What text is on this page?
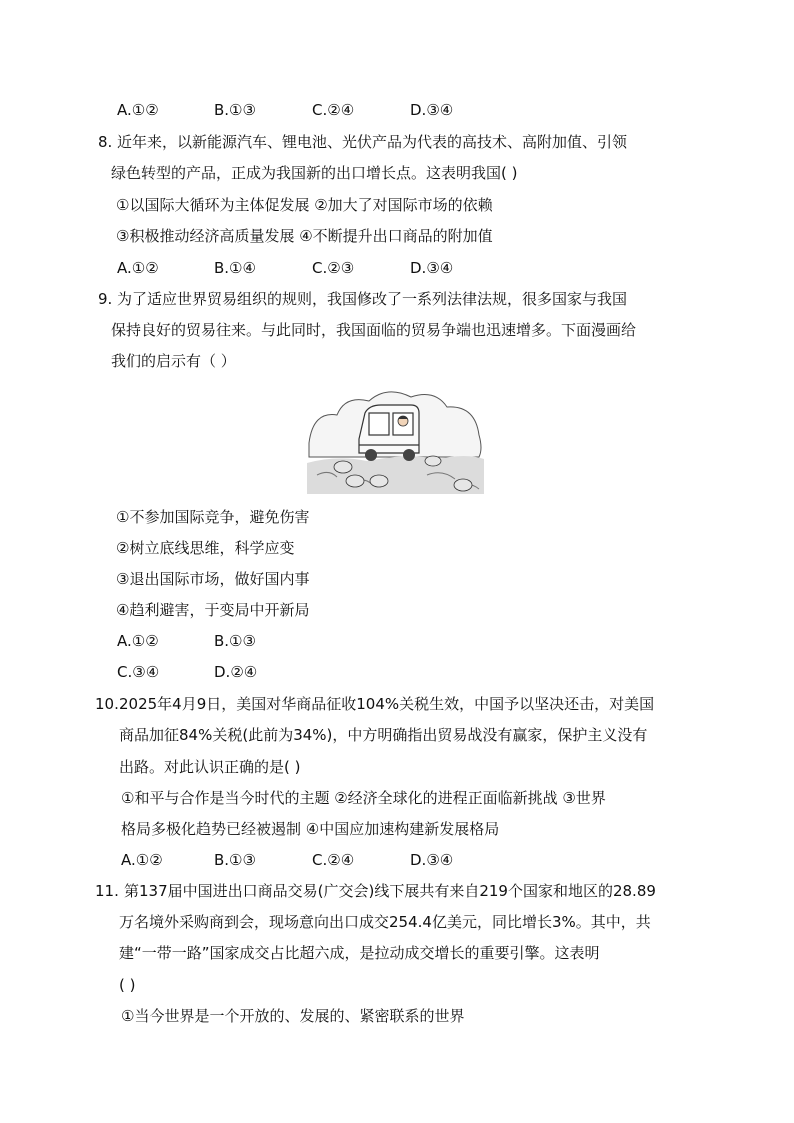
A.①②	B.①③	C.②④	D.③④
8. 近年来，以新能源汽车、锂电池、光伏产品为代表的高技术、高附加值、引领
绿色转型的产品，正成为我国新的出口增长点。这表明我国( )
①以国际大循环为主体促发展 ②加大了对国际市场的依赖
③积极推动经济高质量发展 ④不断提升出口商品的附加值
A.①②	B.①④	C.②③	D.③④
9. 为了适应世界贸易组织的规则，我国修改了一系列法律法规，很多国家与我国
保持良好的贸易往来。与此同时，我国面临的贸易争端也迅速增多。下面漫画给
我们的启示有（ ）
①不参加国际竞争，避免伤害
②树立底线思维，科学应变
③退出国际市场，做好国内事
④趋利避害，于变局中开新局
A.①②	B.①③
C.③④	D.②④
10. 2025年4月9日，美国对华商品征收104%关税生效，中国予以坚决还击，对美国
商品加征84%关税(此前为34%)，中方明确指出贸易战没有赢家，保护主义没有
出路。对此认识正确的是( )
①和平与合作是当今时代的主题 ②经济全球化的进程正面临新挑战 ③世界
格局多极化趋势已经被遏制 ④中国应加速构建新发展格局
A.①②	B.①③	C.②④	D.③④
11. 第137届中国进出口商品交易(广交会)线下展共有来自219个国家和地区的28.89
万名境外采购商到会，现场意向出口成交254.4亿美元，同比增长3%。其中，共
建“一带一路”国家成交占比超六成，是拉动成交增长的重要引擎。这表明
( )
①当今世界是一个开放的、发展的、紧密联系的世界
